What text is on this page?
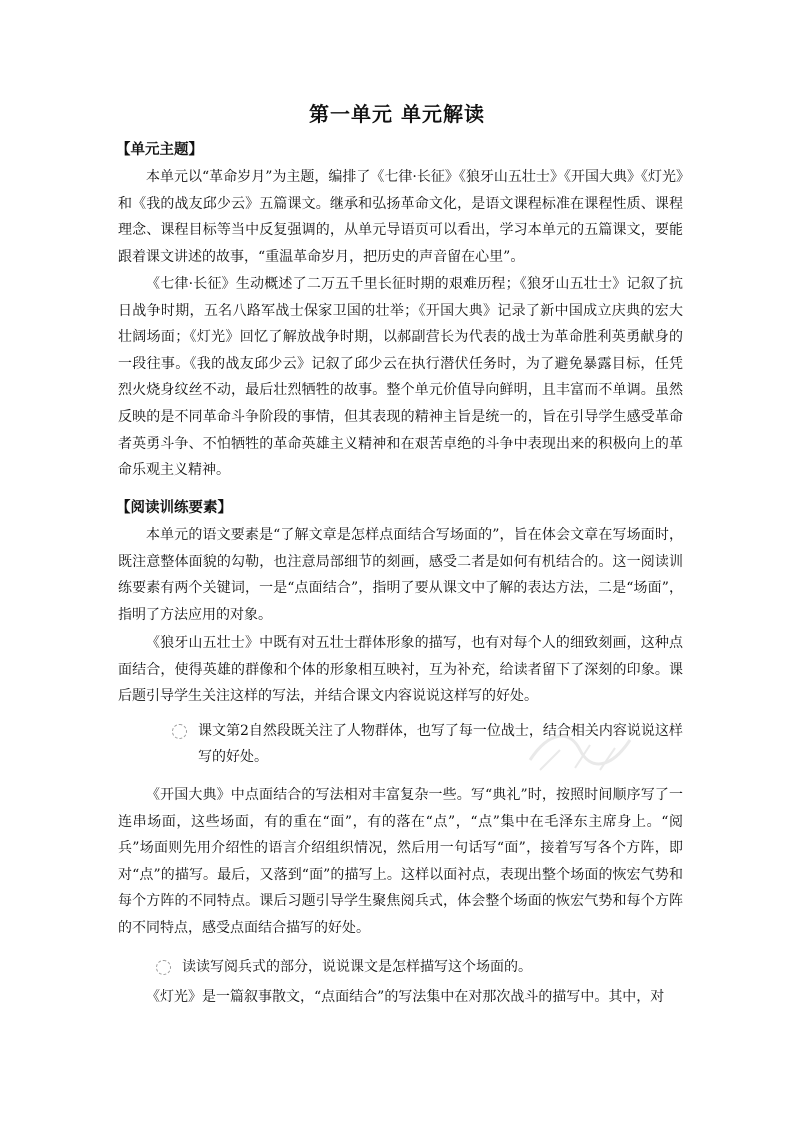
第一单元 单元解读
【单元主题】

本单元以“革命岁月”为主题，编排了《七律·长征》《狼牙山五壮士》《开国大典》《灯光》和《我的战友邱少云》五篇课文。继承和弘扬革命文化，是语文课程标准在课程性质、课程理念、课程目标等当中反复强调的，从单元导语页可以看出，学习本单元的五篇课文，要能跟着课文讲述的故事，“重温革命岁月，把历史的声音留在心里”。

《七律·长征》生动概述了二万五千里长征时期的艰难历程；《狼牙山五壮士》记叙了抗日战争时期，五名八路军战士保家卫国的壮举；《开国大典》记录了新中国成立庆典的宏大壮阔场面；《灯光》回忆了解放战争时期，以郝副营长为代表的战士为革命胜利英勇献身的一段往事。《我的战友邱少云》记叙了邱少云在执行潜伏任务时，为了避免暴露目标，任凭烈火烧身纹丝不动，最后壮烈牺牲的故事。整个单元价值导向鲜明，且丰富而不单调。虽然反映的是不同革命斗争阶段的事情，但其表现的精神主旨是统一的，旨在引导学生感受革命者英勇斗争、不怕牺牲的革命英雄主义精神和在艰苦卓绝的斗争中表现出来的积极向上的革命乐观主义精神。

【阅读训练要素】

本单元的语文要素是“了解文章是怎样点面结合写场面的”，旨在体会文章在写场面时，既注意整体面貌的勾勒，也注意局部细节的刻画，感受二者是如何有机结合的。这一阅读训练要素有两个关键词，一是“点面结合”，指明了要从课文中了解的表达方法，二是“场面”，指明了方法应用的对象。

《狼牙山五壮士》中既有对五壮士群体形象的描写，也有对每个人的细致刻画，这种点面结合，使得英雄的群像和个体的形象相互映衬，互为补充，给读者留下了深刻的印象。课后题引导学生关注这样的写法，并结合课文内容说说这样写的好处。

课文第2自然段既关注了人物群体，也写了每一位战士，结合相关内容说说这样写的好处。

《开国大典》中点面结合的写法相对丰富复杂一些。写“典礼”时，按照时间顺序写了一连串场面，这些场面，有的重在“面”，有的落在“点”，“点”集中在毛泽东主席身上。“阅兵”场面则先用介绍性的语言介绍组织情况，然后用一句话写“面”，接着写写各个方阵，即对“点”的描写。最后，又落到“面”的描写上。这样以面衬点，表现出整个场面的恢宏气势和每个方阵的不同特点。课后习题引导学生聚焦阅兵式，体会整个场面的恢宏气势和每个方阵的不同特点，感受点面结合描写的好处。

读读写阅兵式的部分，说说课文是怎样描写这个场面的。

《灯光》是一篇叙事散文，“点面结合”的写法集中在对那次战斗的描写中。其中，对
